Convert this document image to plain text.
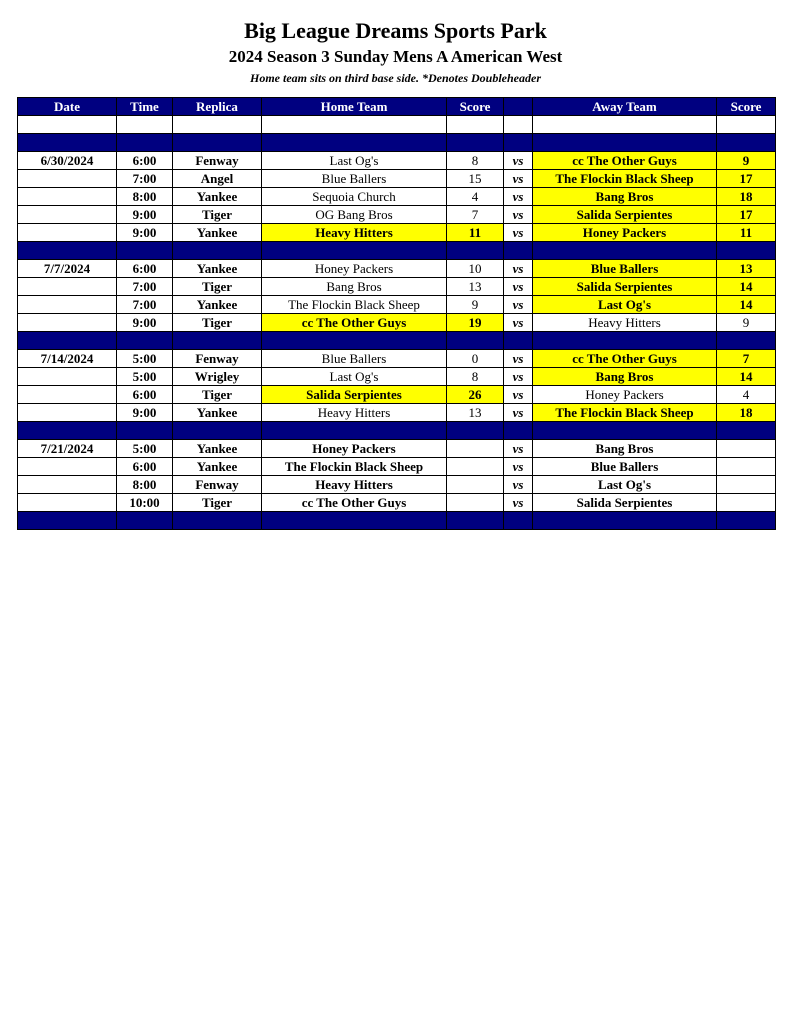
Big League Dreams Sports Park
2024 Season 3 Sunday Mens A American West
Home team sits on third base side. *Denotes Doubleheader
Date	Time	Replica	Home Team	Score		Away Team	Score

6/30/2024	6:00	Fenway	Last Og's	8	vs	cc The Other Guys	9
	7:00	Angel	Blue Ballers	15	vs	The Flockin Black Sheep	17
	8:00	Yankee	Sequoia Church	4	vs	Bang Bros	18
	9:00	Tiger	OG Bang Bros	7	vs	Salida Serpientes	17
	9:00	Yankee	Heavy Hitters	11	vs	Honey Packers	11

7/7/2024	6:00	Yankee	Honey Packers	10	vs	Blue Ballers	13
	7:00	Tiger	Bang Bros	13	vs	Salida Serpientes	14
	7:00	Yankee	The Flockin Black Sheep	9	vs	Last Og's	14
	9:00	Tiger	cc The Other Guys	19	vs	Heavy Hitters	9

7/14/2024	5:00	Fenway	Blue Ballers	0	vs	cc The Other Guys	7
	5:00	Wrigley	Last Og's	8	vs	Bang Bros	14
	6:00	Tiger	Salida Serpientes	26	vs	Honey Packers	4
	9:00	Yankee	Heavy Hitters	13	vs	The Flockin Black Sheep	18

7/21/2024	5:00	Yankee	Honey Packers		vs	Bang Bros	
	6:00	Yankee	The Flockin Black Sheep		vs	Blue Ballers	
	8:00	Fenway	Heavy Hitters		vs	Last Og's	
	10:00	Tiger	cc The Other Guys		vs	Salida Serpientes	
